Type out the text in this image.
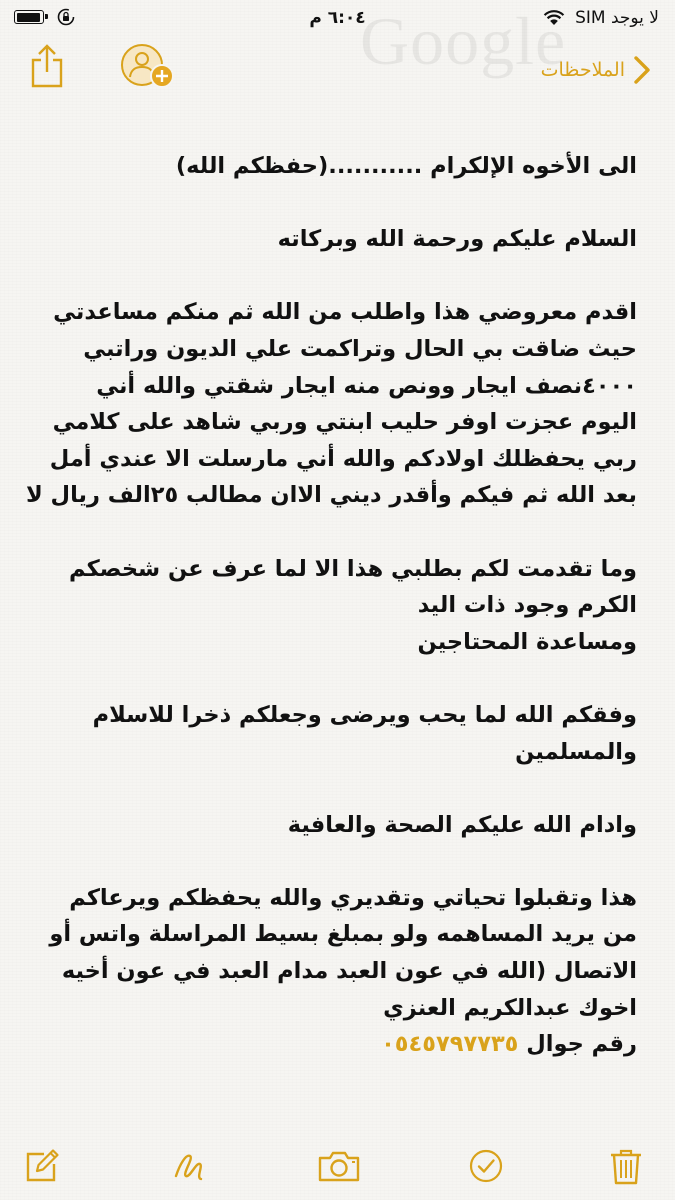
٦:٠٤ م	لا يوجد SIM
الملاحظات
الى الأخوه الإلكرام ...........(حفظكم الله)
السلام عليكم ورحمة الله وبركاته
اقدم معروضي هذا واطلب من الله ثم منكم مساعدتي
حيث ضاقت بي الحال وتراكمت علي الديون وراتبي
٤٠٠٠نصف ايجار وونص منه ايجار شقتي والله أني
اليوم عجزت اوفر حليب ابنتي وربي شاهد على كلامي
ربي يحفظلك اولادكم والله أني مارسلت الا عندي أمل
بعد الله ثم فيكم وأقدر ديني الاان مطالب ٢٥الف ريال لا
وما تقدمت لكم بطلبي هذا الا لما عرف عن شخصكم
الكرم وجود ذات اليد
ومساعدة المحتاجين
وفقكم الله لما يحب ويرضى وجعلكم ذخرا للاسلام
والمسلمين
وادام الله عليكم الصحة والعافية
هذا وتقبلوا تحياتي وتقديري والله يحفظكم ويرعاكم
من يريد المساهمه ولو بمبلغ بسيط المراسلة واتس أو
الاتصال (الله في عون العبد مدام العبد في عون أخيه
اخوك عبدالكريم العنزي
رقم جوال ٠٥٤٥٧٩٧٧٣٥
